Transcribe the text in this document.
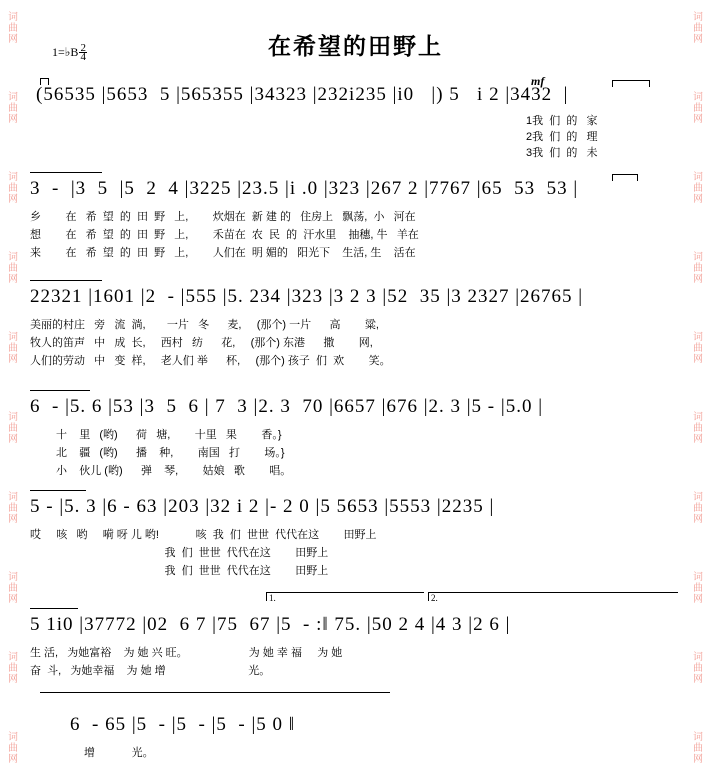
词
曲
网
词
曲
网
词
曲
网
词
曲
网
词
曲
网
词
曲
网
词
曲
网
词
曲
网
词
曲
网
词
曲
网
词
曲
网
词
曲
网
词
曲
网
词
曲
网
词
曲
网
词
曲
网
词
曲
网
词
曲
网
词
曲
网
词
曲
网
在希望的田野上
1=♭B $\frac{2}{4}$
mf
(56535 |5653  5 |565355 |34323 |232i235 |i0   |) 5   i 2 |3432  |
1我  们  的   家
2我  们  的   理
3我  们  的   未
3  -  |3  5  |5  2  4 |3225 |23.5 |i .0 |323 |267 2 |7767 |65  53  53 |
乡        在   希  望  的  田  野   上,        炊烟在  新 建 的   住房上   飘荡,  小   河在
想        在   希  望  的  田  野   上,        禾苗在  农  民  的  汗水里    抽穗, 牛   羊在
来        在   希  望  的  田  野   上,        人们在  明 媚的   阳光下    生活, 生    活在
22321 |1601 |2  - |555 |5. 234 |323 |3 2 3 |52  35 |3 2327 |26765 |
美丽的村庄   旁   流  淌,       一片   冬      麦,     (那个) 一片      高        粱,
牧人的笛声   中   成  长,     西村   纺      花,     (那个) 东港      撒        网,
人们的劳动   中   变  样,     老人们 举      杯,     (那个) 孩子  们  欢        笑。
6  - |5. 6 |53 |3  5  6 | 7  3 |2. 3  70 |6657 |676 |2. 3 |5 - |5.0 |
十    里   (哟)      荷   塘,        十里   果        香。}
北    疆   (哟)      播    种,        南国   打        场。}
小    伙儿 (哟)      弹    琴,        姑娘   歌        唱。
5 - |5. 3 |6 - 63 |203 |32 i 2 |- 2 0 |5 5653 |5553 |2235 |
哎     咳   哟     嗬 呀 儿 哟!            咳  我  们  世世  代代在这        田野上
我  们  世世  代代在这        田野上
我  们  世世  代代在这        田野上
1.	2.
5 1i0 |37772 |02  6 7 |75  67 |5  - :‖ 75. |50 2 4 |4 3 |2 6 |
生 活,   为她富裕    为 她 兴 旺。                    为 她 幸 福     为 她
奋  斗,   为她幸福    为 她 增                           光。
6  - 65 |5  - |5  - |5  - |5 0 ‖
增            光。
